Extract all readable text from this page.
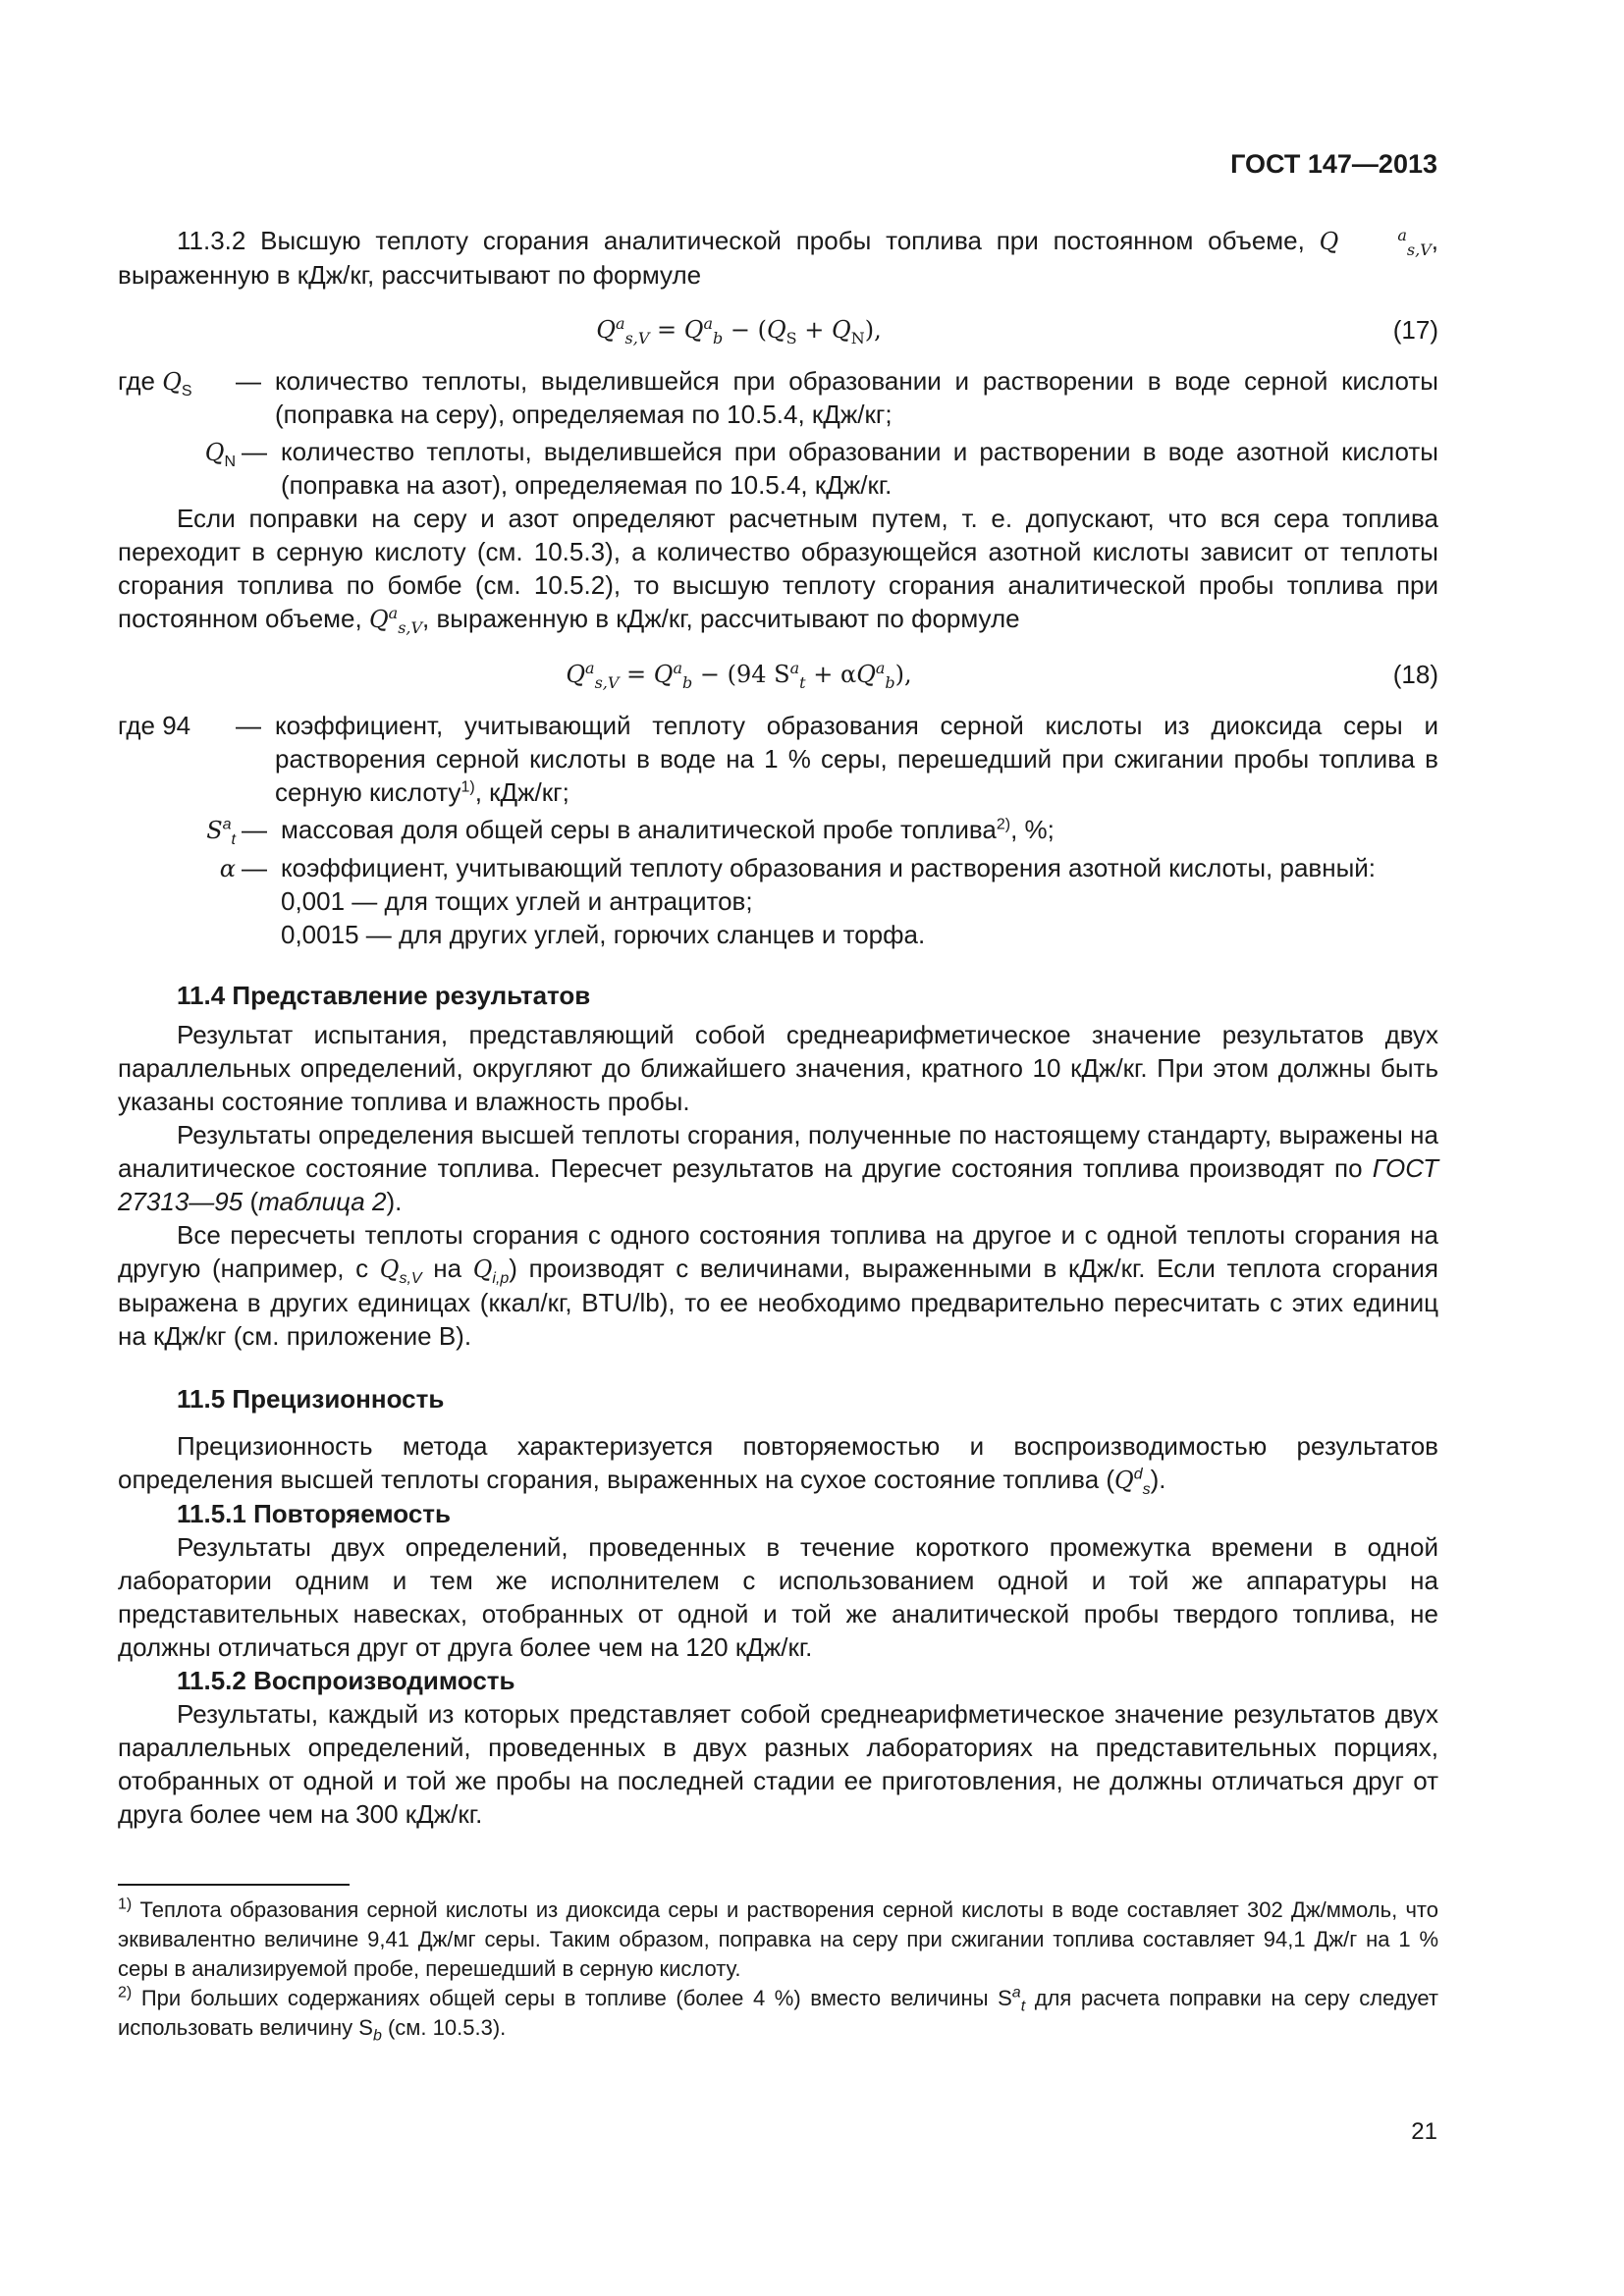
ГОСТ 147—2013

11.3.2 Высшую теплоту сгорания аналитической пробы топлива при постоянном объеме, Q	$^a_{s,V}$, выраженную в кДж/кг, рассчитывают по формуле

$Q^a_{s,V} = Q^a_b - (Q_S + Q_N)$,	(17)
где $Q_S$	— количество теплоты, выделившейся при образовании и растворении в воде серной кислоты (поправка на серу), определяемая по 10.5.4, кДж/кг;
$Q_N$ — количество теплоты, выделившейся при образовании и растворении в воде азотной кислоты (поправка на азот), определяемая по 10.5.4, кДж/кг.

Если поправки на серу и азот определяют расчетным путем, т. е. допускают, что вся сера топлива переходит в серную кислоту (см. 10.5.3), а количество образующейся азотной кислоты зависит от теплоты сгорания топлива по бомбе (см. 10.5.2), то высшую теплоту сгорания аналитической пробы топлива при постоянном объеме, $Q^a_{s,V}$, выраженную в кДж/кг, рассчитывают по формуле

$Q^a_{s,V} = Q^a_b - (94$ $S^a_t + \alpha Q^a_b$),	(18)
где 94	— коэффициент, учитывающий теплоту образования серной кислоты из диоксида серы и растворения серной кислоты в воде на 1 % серы, перешедший при сжигании пробы топлива в серную кислоту$^{1)}$, кДж/кг;
$S^a_t$ — массовая доля общей серы в аналитической пробе топлива$^{2)}$, %;
α — коэффициент, учитывающий теплоту образования и растворения азотной кислоты, равный:
0,001 — для тощих углей и антрацитов;
0,0015 — для других углей, горючих сланцев и торфа.
11.4 Представление результатов

Результат испытания, представляющий собой среднеарифметическое значение результатов двух параллельных определений, округляют до ближайшего значения, кратного 10 кДж/кг. При этом должны быть указаны состояние топлива и влажность пробы.

Результаты определения высшей теплоты сгорания, полученные по настоящему стандарту, выражены на аналитическое состояние топлива. Пересчет результатов на другие состояния топлива производят по ГОСТ 27313—95 (таблица 2).

Все пересчеты теплоты сгорания с одного состояния топлива на другое и с одной теплоты сгорания на другую (например, с $Q_{s,V}$ на $Q_{i,p}$) производят с величинами, выраженными в кДж/кг. Если теплота сгорания выражена в других единицах (ккал/кг, BTU/lb), то ее необходимо предварительно пересчитать с этих единиц на кДж/кг (см. приложение В).

11.5 Прецизионность

Прецизионность метода характеризуется повторяемостью и воспроизводимостью результатов определения высшей теплоты сгорания, выраженных на сухое состояние топлива $(Q^d_s)$.

11.5.1 Повторяемость

Результаты двух определений, проведенных в течение короткого промежутка времени в одной лаборатории одним и тем же исполнителем с использованием одной и той же аппаратуры на представительных навесках, отобранных от одной и той же аналитической пробы твердого топлива, не должны отличаться друг от друга более чем на 120 кДж/кг.

11.5.2 Воспроизводимость

Результаты, каждый из которых представляет собой среднеарифметическое значение результатов двух параллельных определений, проведенных в двух разных лабораториях на представительных порциях, отобранных от одной и той же пробы на последней стадии ее приготовления, не должны отличаться друг от друга более чем на 300 кДж/кг.

$^{1)}$ Теплота образования серной кислоты из диоксида серы и растворения серной кислоты в воде составляет 302 Дж/ммоль, что эквивалентно величине 9,41 Дж/мг серы. Таким образом, поправка на серу при сжигании топлива составляет 94,1 Дж/г на 1 % серы в анализируемой пробе, перешедший в серную кислоту.

$^{2)}$ При больших содержаниях общей серы в топливе (более 4 %) вместо величины $S^a_t$ для расчета поправки на серу следует использовать величину $S_b$ (см. 10.5.3).

21
